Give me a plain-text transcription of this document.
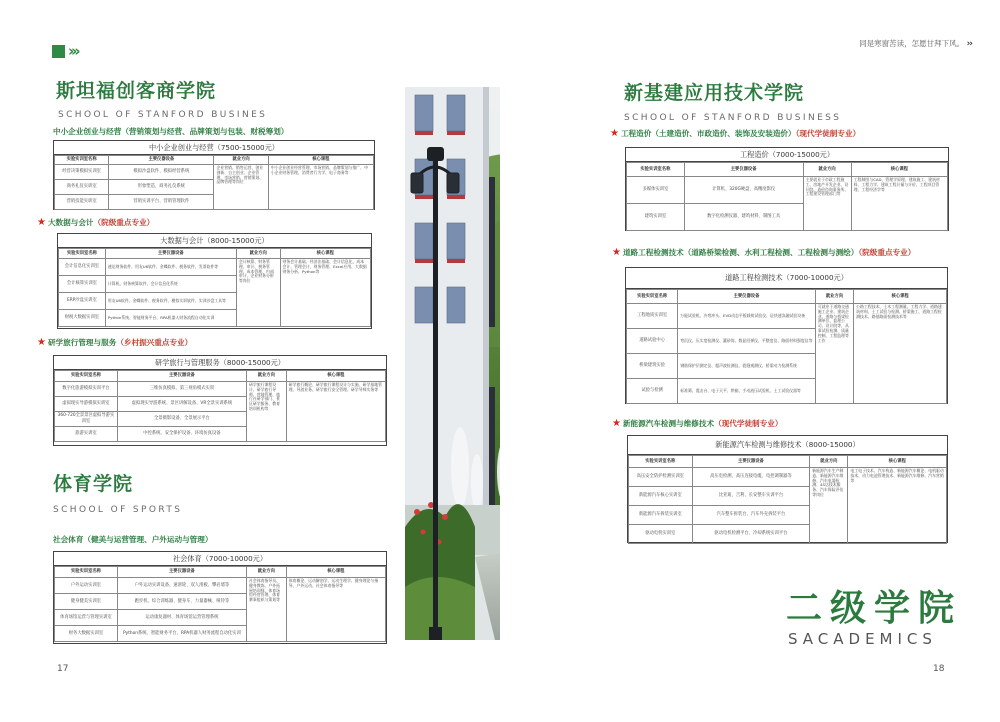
›››
斯坦福创客商学院
SCHOOL OF STANFORD BUSINES
中小企业创业与经营（营销策划与经营、品牌策划与包装、财税筹划）
中小企业创业与经营（7500-15000元）
实验实训室名称	主要仪器设备	就业方向	核心课程
经营决策模拟实训室	模拟沙盘软件、模拟经营系统	企业营销、销售运营、创业创新、自主创业、企业管理、市场营销、营销策划、品牌管理等岗位	中小企业创业经营管理、市场营销、品牌策划与推广、中小企业财务管理、消费者行为学、电子商务等
商务礼仪实训室	形象塑造、商务礼仪系统		
营销技能实训室	营销实训平台、营销管理软件		
★ 大数据与会计（院级重点专业）
大数据与会计（8000-15000元）
实验实训室名称	主要仪器设备	就业方向	核心课程
会计信息化实训室	速达财务软件、用友U8软件、金蝶软件、税务软件、发票软件等	会计核算、财务管理、审计、税务管理、成本管理、内部审计、企业财务分析等岗位	财务会计基础、经济法基础、会计信息化、成本会计、管理会计、财务管理、Excel应用、大数据财务分析、Python等
会计核算实训室	计算机、财务核算软件、会计信息化系统		
ERP沙盘实训室	用友U8软件、金蝶软件、税务软件、模拟实训软件、实训沙盘工具等		
财税大数据实训室	Python系统、智能财务平台、RPA机器人财务流程自动化实训		
★ 研学旅行管理与服务（乡村振兴重点专业）
研学旅行与管理服务（8000-15000元）
实验实训室名称	主要仪器设备	就业方向	核心课程
数字化旅游模拟实训平台	三维仿真模拟、第三视角模式实训	研学旅行课程设计、研学旅行导师、营地管理、旅行社研学部门、景区研学服务、教育培训机构等	研学旅行概论、研学旅行课程设计与实施、研学基地管理、导游业务、研学旅行安全管理、研学导师实务等
虚拟现实导游模拟实训室	虚拟现实导游系统、景区讲解设备、VR全景实训系统		
360-720全景景区虚拟导游实训室	全景摄影设备、全景展示平台		
旅游实训室	中控系统、安全保护设备、环境仿真设备		
体育学院
SCHOOL OF SPORTS
社会体育（健美与运营管理、户外运动与管理）
社会体育（7000-10000元）
实验实训室名称	主要仪器设备	就业方向	核心课程
户外运动实训室	户外运动实训设备、速滑轮、双人滑板、攀岩墙等	社会体育指导员、健身教练、户外拓展培训师、体育场馆经营管理、体育赛事组织与策划等	体育概论、运动解剖学、运动生理学、健身理论与指导、户外运动、社会体育指导等
健身健美实训室	跑步机、综合训练器、健身车、力量器械、哑铃等		
体育场馆运营与管理实训室	运动康复器材、体育场馆运营管理系统		
财务大数据实训室	Python系统、智能财务平台、RPA机器人财务流程自动化实训		
17
同是寒窗苦读，怎愿甘拜下风。 ››
新基建应用技术学院
SCHOOL OF STANFORD BUSINESS
★ 工程造价（土建造价、市政造价、装饰及安装造价）（现代学徒制专业）
工程造价（7000-15000元）
实验实训室名称	主要仪器设备	就业方向	核心课程
多媒体实训室	计算机、320G硬盘、高精度影仪	主要就业于市政工程施工、房地产开发企业、设计院、造价咨询事务所、工程建设管理部门等	工程制图与CAD、管理学原理、建筑施工、建筑材料、工程力学、建筑工程计量与计价、工程项目管理、工程经济学等
建筑实训室	数字化检测仪器、建筑材料、制图工具		
★ 道路工程检测技术（道路桥梁检测、水利工程检测、工程检测与测绘）（院级重点专业）
道路工程检测技术（7000-10000元）
实验实训室名称	主要仪器设备	就业方向	核心课程
工程地质实训室	万能试验机、冷弯冲头、EVD动态平板载荷试验仪、砼快速冻融试验设备	可就业于道路交通施工企业、建筑企业、道路与桥梁检测单位、监理公司、设计院等，从事试验检测、质量控制、工程监理等工作	公路工程技术、土木工程测量、工程力学、道路建筑材料、土工试验与检测、桥梁施工、道路工程检测技术、路基路面检测技术等
道路试验中心	弯沉仪、压实度检测仪、灌砂筒、数显回弹仪、平整度仪、路面材料强度仪等		
桥梁建筑实验	钢筋保护层测定仪、超声波检测仪、裂缝观测仪、桥梁动力检测系统		
试验与检测	标准筛、震击台、电子天平、烘箱、手动液压试验机、土工试验仪器等		
★ 新能源汽车检测与维修技术（现代学徒制专业）
新能源汽车检测与维修技术（8000-15000）
实验实训室名称	主要仪器设备	就业方向	核心课程
高压安全防护检测实训室	高压电检测、高压连接电缆、电控调制器等	新能源汽车生产制造、新能源汽车维修、汽车电器检测、4S店技术服务、汽车保险评估等岗位	电工电子技术、汽车构造、新能源汽车概论、电机驱动技术、动力电池管理技术、新能源汽车维修、汽车营销等
新能源汽车核心实训室	比亚迪、吉利、长安整车实训平台		
新能源汽车拆装实训室	汽车整车拆装台、汽车外壳拆装平台		
驱动电机实训室	驱动电机检测平台、冷却系统实训平台		
18
二级学院
SACADEMICS
